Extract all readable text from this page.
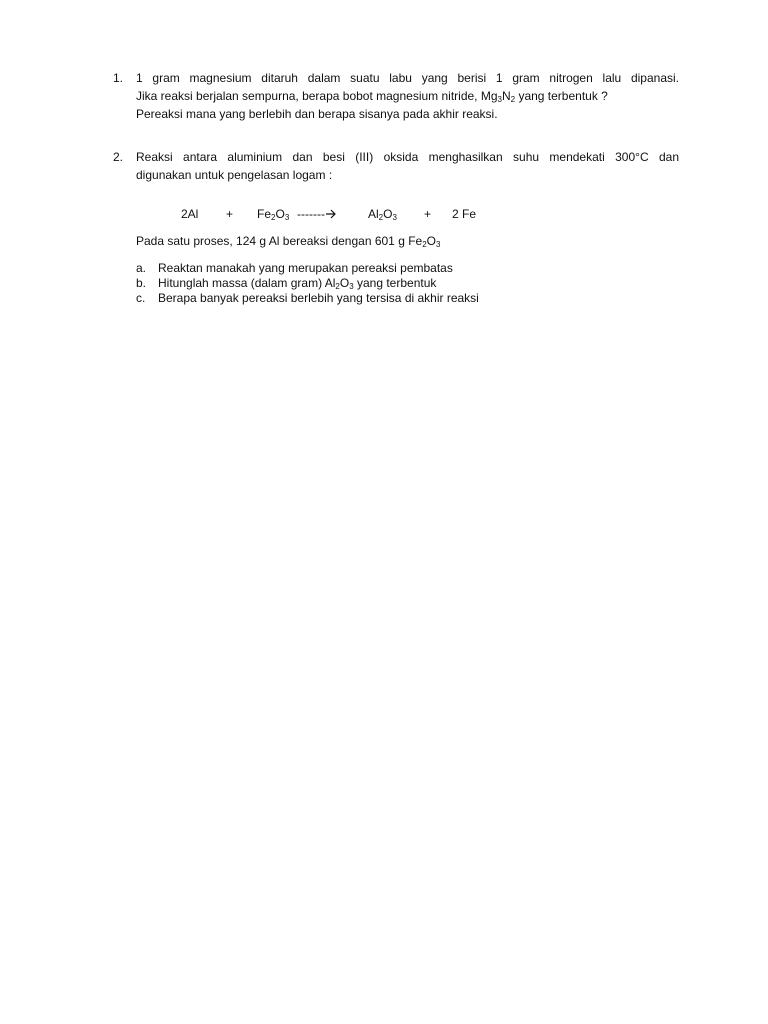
1.	1 gram magnesium ditaruh dalam suatu labu yang berisi 1 gram nitrogen lalu dipanasi.
Jika reaksi berjalan sempurna, berapa bobot magnesium nitride, $Mg_3N_2$ yang terbentuk ?
Pereaksi mana yang berlebih dan berapa sisanya pada akhir reaksi.
2.	Reaksi antara aluminium dan besi (III) oksida menghasilkan suhu mendekati 300°C dan
digunakan untuk pengelasan logam :
$2Al + Fe_2O_3$ -------	$Al_2O_3 + 2$ Fe
Pada satu proses, 124 g Al bereaksi dengan 601 g $Fe_2O_3$
a. Reaktan manakah yang merupakan pereaksi pembatas
b. Hitunglah massa (dalam gram) $Al_2O_3$ yang terbentuk
c. Berapa banyak pereaksi berlebih yang tersisa di akhir reaksi
